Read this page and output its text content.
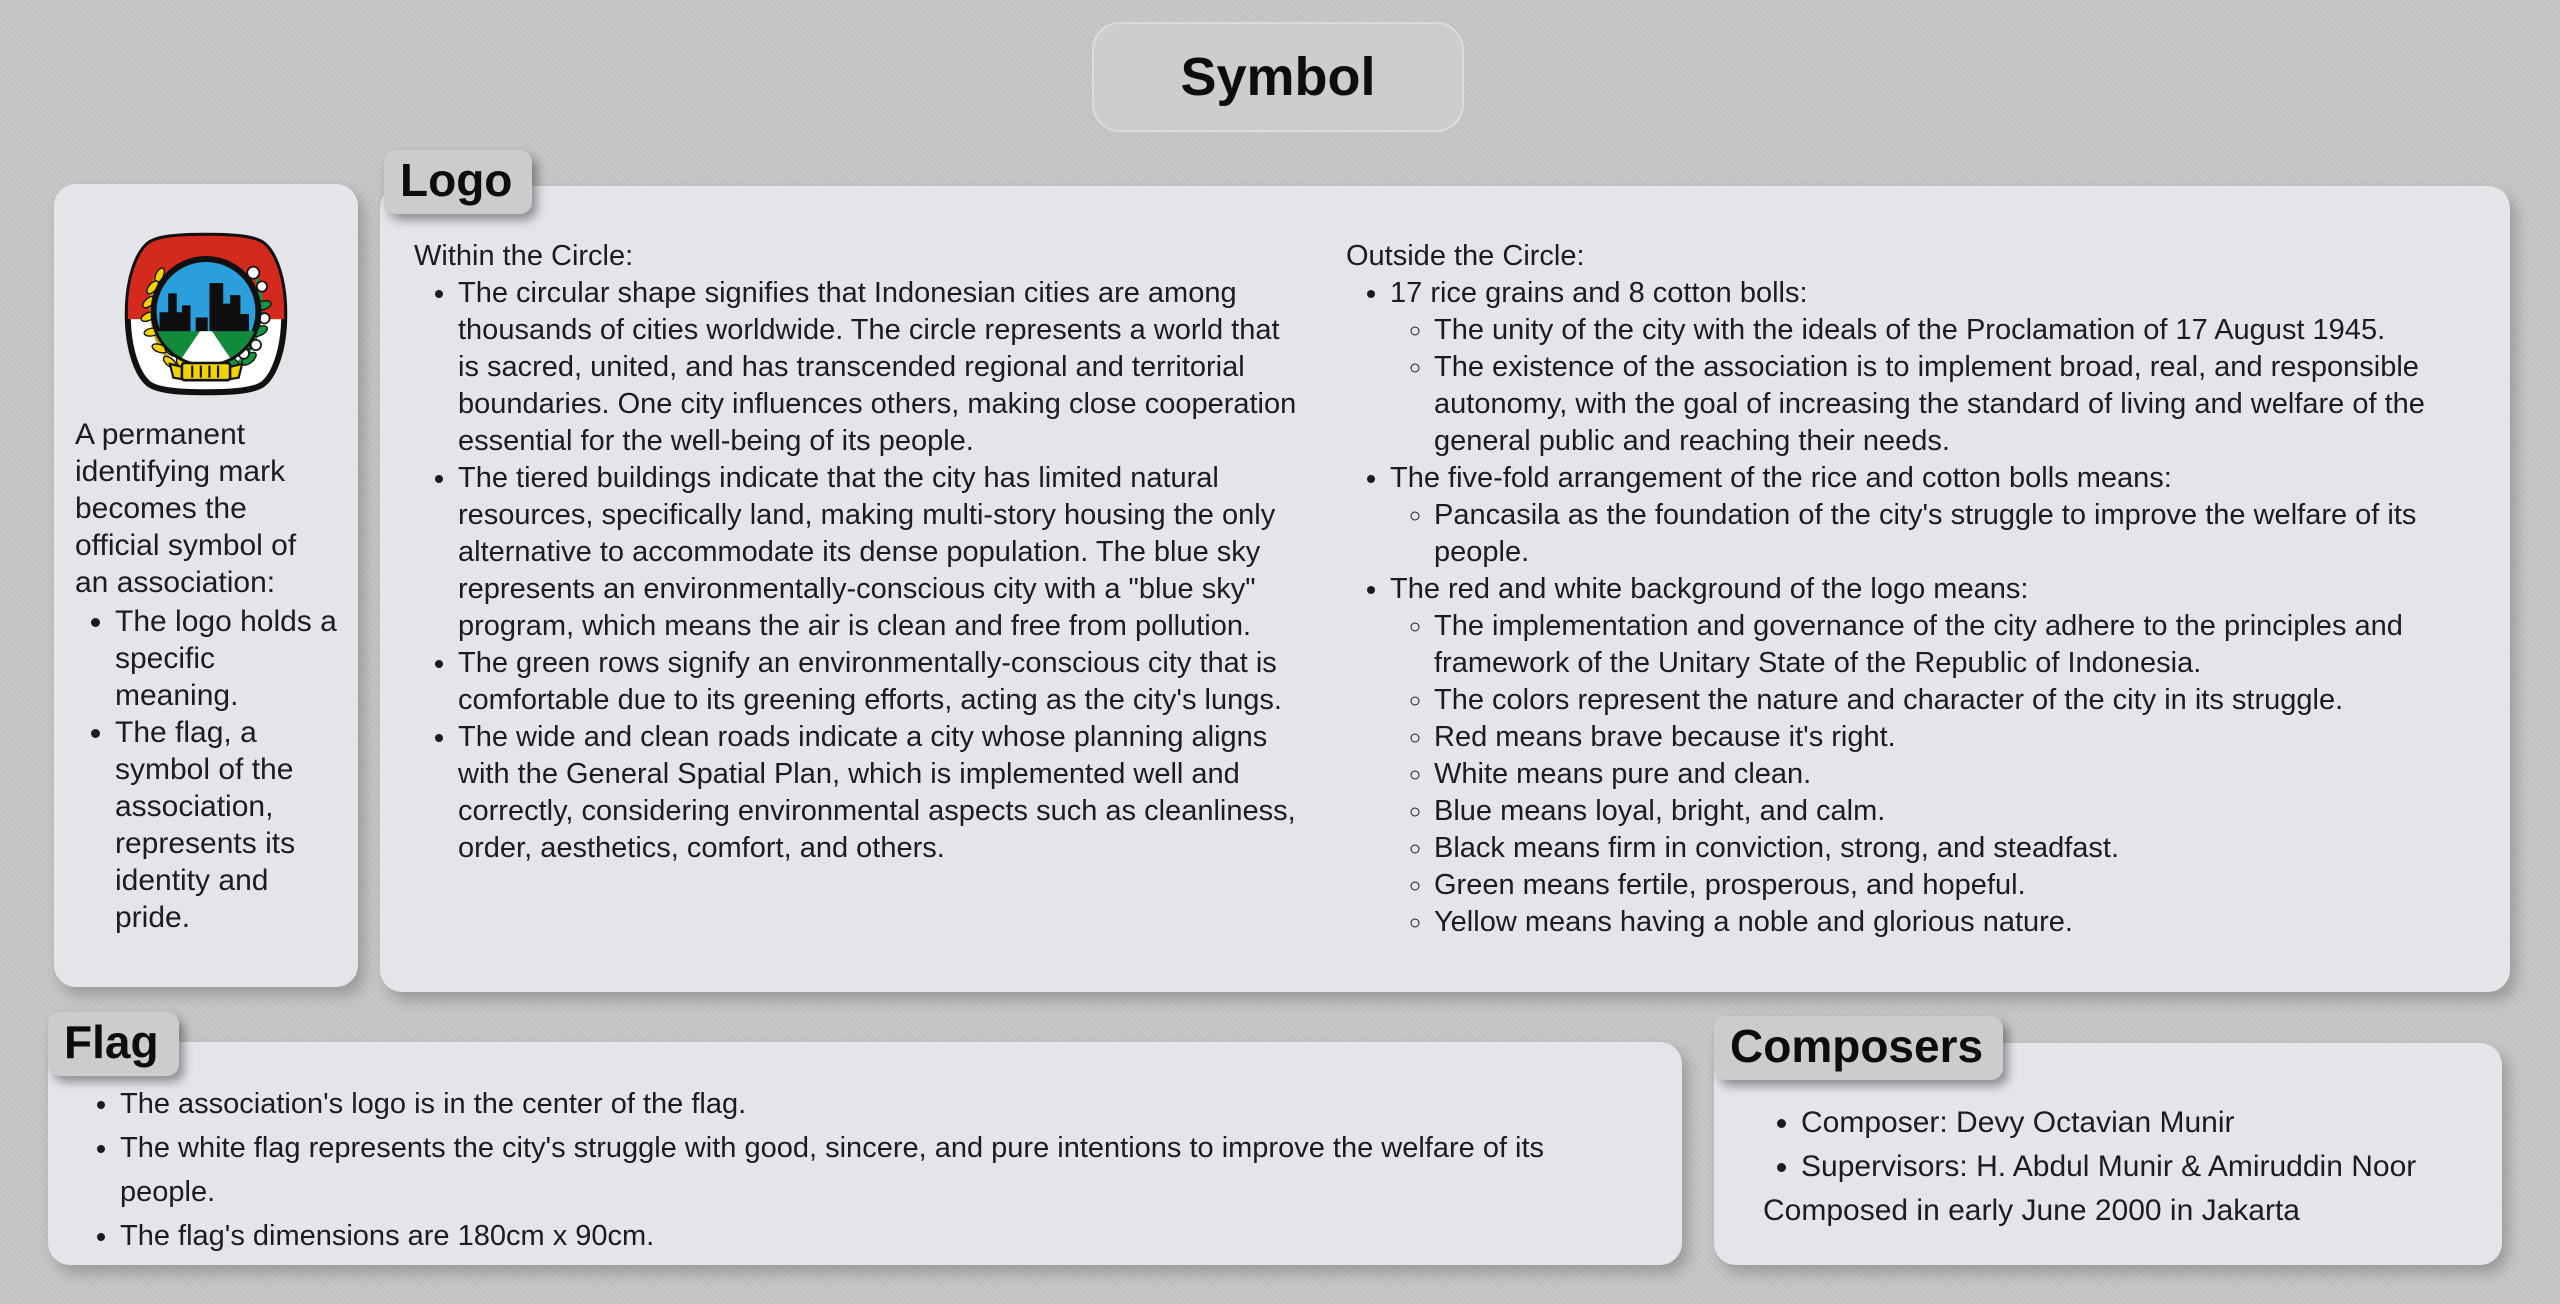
Symbol
A permanent identifying mark becomes the official symbol of an association:
• The logo holds a specific meaning.
• The flag, a symbol of the association, represents its identity and pride.
Logo
Within the Circle:
• The circular shape signifies that Indonesian cities are among thousands of cities worldwide. The circle represents a world that is sacred, united, and has transcended regional and territorial boundaries. One city influences others, making close cooperation essential for the well-being of its people.
• The tiered buildings indicate that the city has limited natural resources, specifically land, making multi-story housing the only alternative to accommodate its dense population. The blue sky represents an environmentally-conscious city with a "blue sky" program, which means the air is clean and free from pollution.
• The green rows signify an environmentally-conscious city that is comfortable due to its greening efforts, acting as the city's lungs.
• The wide and clean roads indicate a city whose planning aligns with the General Spatial Plan, which is implemented well and correctly, considering environmental aspects such as cleanliness, order, aesthetics, comfort, and others.
Outside the Circle:
• 17 rice grains and 8 cotton bolls:
◦ The unity of the city with the ideals of the Proclamation of 17 August 1945.
◦ The existence of the association is to implement broad, real, and responsible autonomy, with the goal of increasing the standard of living and welfare of the general public and reaching their needs.
• The five-fold arrangement of the rice and cotton bolls means:
◦ Pancasila as the foundation of the city's struggle to improve the welfare of its people.
• The red and white background of the logo means:
◦ The implementation and governance of the city adhere to the principles and framework of the Unitary State of the Republic of Indonesia.
◦ The colors represent the nature and character of the city in its struggle.
◦ Red means brave because it's right.
◦ White means pure and clean.
◦ Blue means loyal, bright, and calm.
◦ Black means firm in conviction, strong, and steadfast.
◦ Green means fertile, prosperous, and hopeful.
◦ Yellow means having a noble and glorious nature.
Flag
• The association's logo is in the center of the flag.
• The white flag represents the city's struggle with good, sincere, and pure intentions to improve the welfare of its people.
• The flag's dimensions are 180cm x 90cm.
Composers
• Composer: Devy Octavian Munir
• Supervisors: H. Abdul Munir & Amiruddin Noor
Composed in early June 2000 in Jakarta
